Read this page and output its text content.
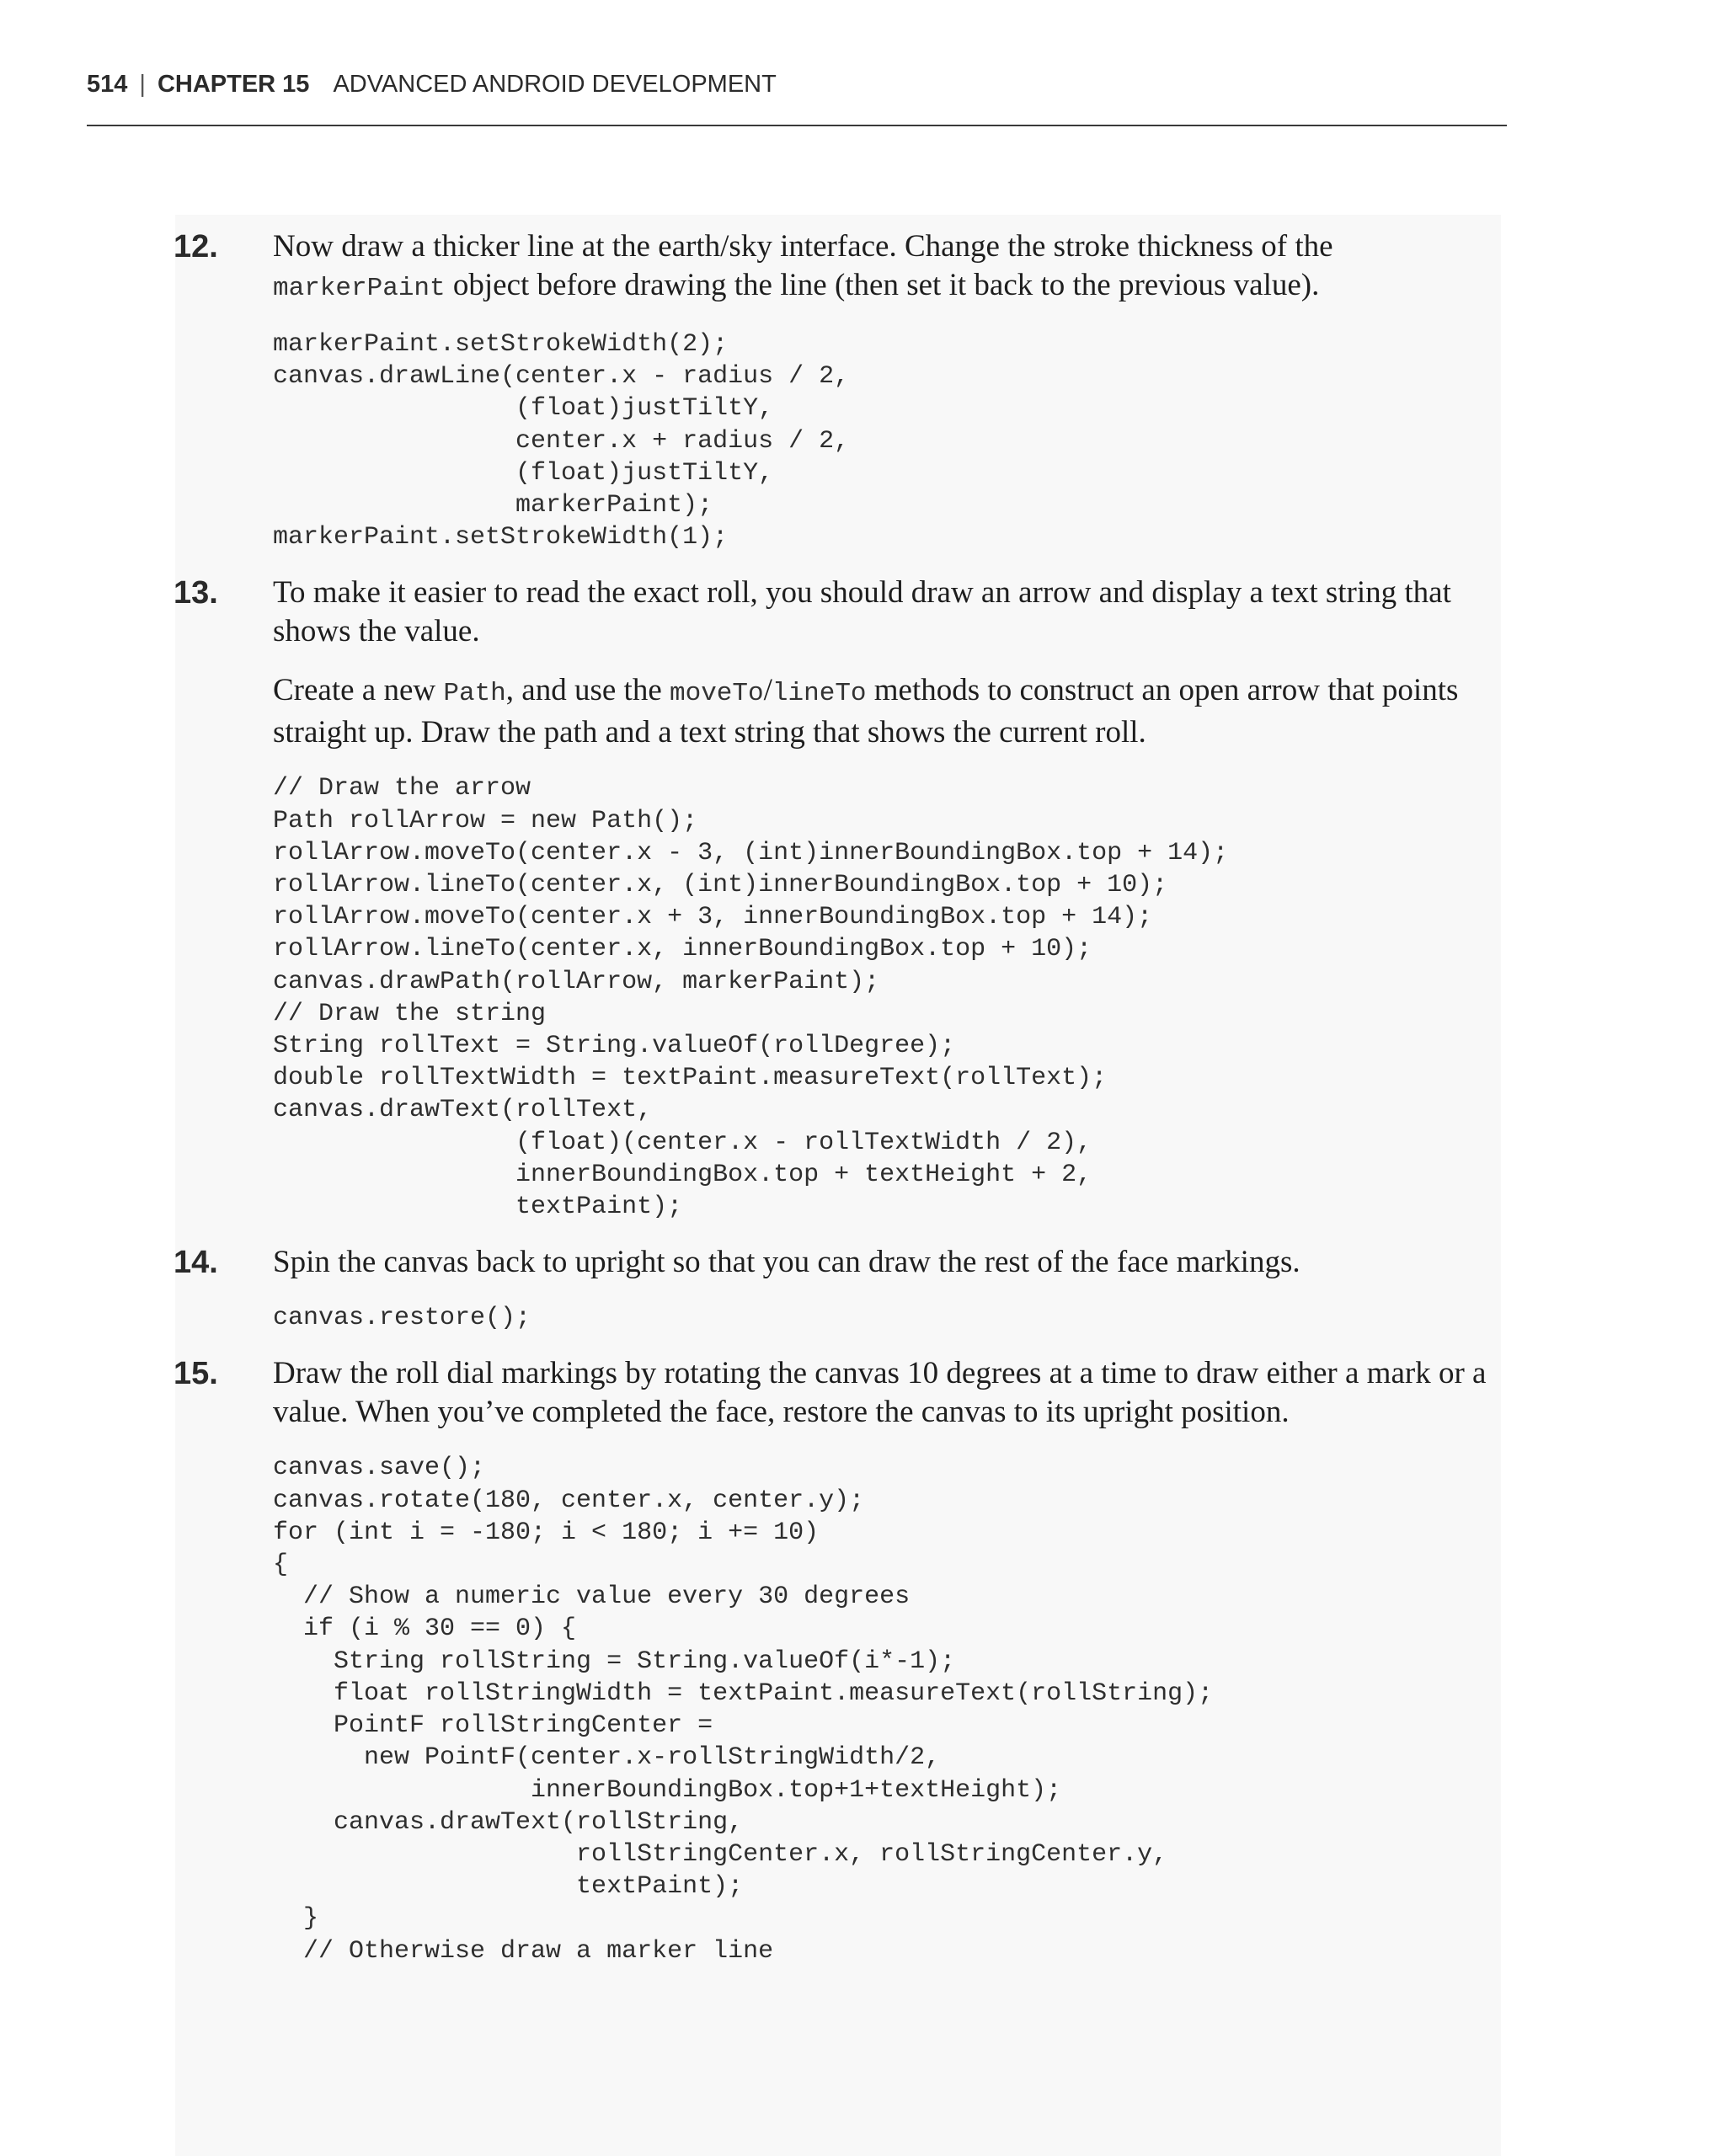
514 | CHAPTER 15 ADVANCED ANDROID DEVELOPMENT
12. Now draw a thicker line at the earth/sky interface. Change the stroke thickness of the markerPaint object before drawing the line (then set it back to the previous value).

markerPaint.setStrokeWidth(2);
canvas.drawLine(center.x - radius / 2,
(float)justTiltY,
center.x + radius / 2,
(float)justTiltY,
markerPaint);
markerPaint.setStrokeWidth(1);
13. To make it easier to read the exact roll, you should draw an arrow and display a text string that shows the value.

Create a new Path, and use the moveTo/lineTo methods to construct an open arrow that points straight up. Draw the path and a text string that shows the current roll.

// Draw the arrow
Path rollArrow = new Path();
rollArrow.moveTo(center.x - 3, (int)innerBoundingBox.top + 14);
rollArrow.lineTo(center.x, (int)innerBoundingBox.top + 10);
rollArrow.moveTo(center.x + 3, innerBoundingBox.top + 14);
rollArrow.lineTo(center.x, innerBoundingBox.top + 10);
canvas.drawPath(rollArrow, markerPaint);
// Draw the string
String rollText = String.valueOf(rollDegree);
double rollTextWidth = textPaint.measureText(rollText);
canvas.drawText(rollText,
(float)(center.x - rollTextWidth / 2),
innerBoundingBox.top + textHeight + 2,
textPaint);
14. Spin the canvas back to upright so that you can draw the rest of the face markings.

canvas.restore();
15. Draw the roll dial markings by rotating the canvas 10 degrees at a time to draw either a mark or a value. When you’ve completed the face, restore the canvas to its upright position.

canvas.save();
canvas.rotate(180, center.x, center.y);
for (int i = -180; i < 180; i += 10)
{
// Show a numeric value every 30 degrees
if (i % 30 == 0) {
String rollString = String.valueOf(i*-1);
float rollStringWidth = textPaint.measureText(rollString);
PointF rollStringCenter =
new PointF(center.x-rollStringWidth/2,
innerBoundingBox.top+1+textHeight);
canvas.drawText(rollString,
rollStringCenter.x, rollStringCenter.y,
textPaint);
}
// Otherwise draw a marker line
